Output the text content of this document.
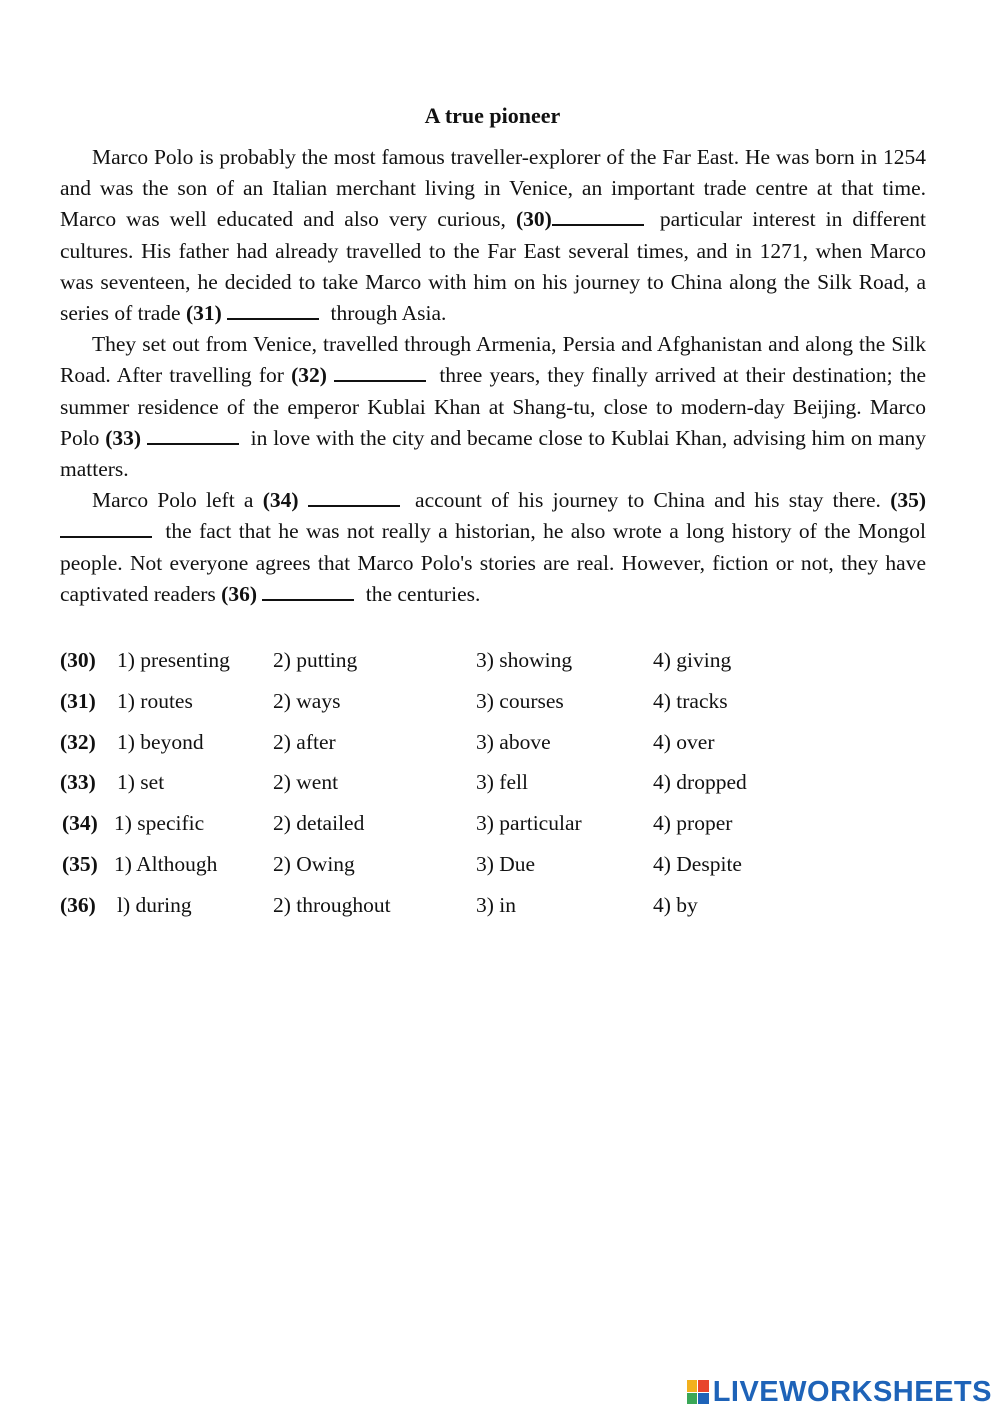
A true pioneer

Marco Polo is probably the most famous traveller-explorer of the Far East. He was born in 1254 and was the son of an Italian merchant living in Venice, an important trade centre at that time. Marco was well educated and also very curious, (30)	particular interest in different cultures. His father had already travelled to the Far East several times, and in 1271, when Marco was seventeen, he decided to take Marco with him on his journey to China along the Silk Road, a series of trade (31)	through Asia.

They set out from Venice, travelled through Armenia, Persia and Afghanistan and along the Silk Road. After travelling for (32)	three years, they finally arrived at their destination; the summer residence of the emperor Kublai Khan at Shang-tu, close to modern-day Beijing. Marco Polo (33)	in love with the city and became close to Kublai Khan, advising him on many matters.

Marco Polo left a (34)	account of his journey to China and his stay there. (35) the fact that he was not really a historian, he also wrote a long history of the Mongol people. Not everyone agrees that Marco Polo's stories are real. However, fiction or not, they have captivated readers (36)	the centuries.

(30) 1) presenting 2) putting	3) showing	4) giving
(31) 1) routes	2) ways	3) courses	4) tracks
(32) 1) beyond	2) after	3) above	4) over
(33) 1) set	2) went	3) fell	4) dropped
(34) 1) specific	2) detailed	3) particular	4) proper
(35) 1) Although	2) Owing	3) Due	4) Despite
(36) l) during	2) throughout	3) in	4) by
LIVEWORKSHEETS
